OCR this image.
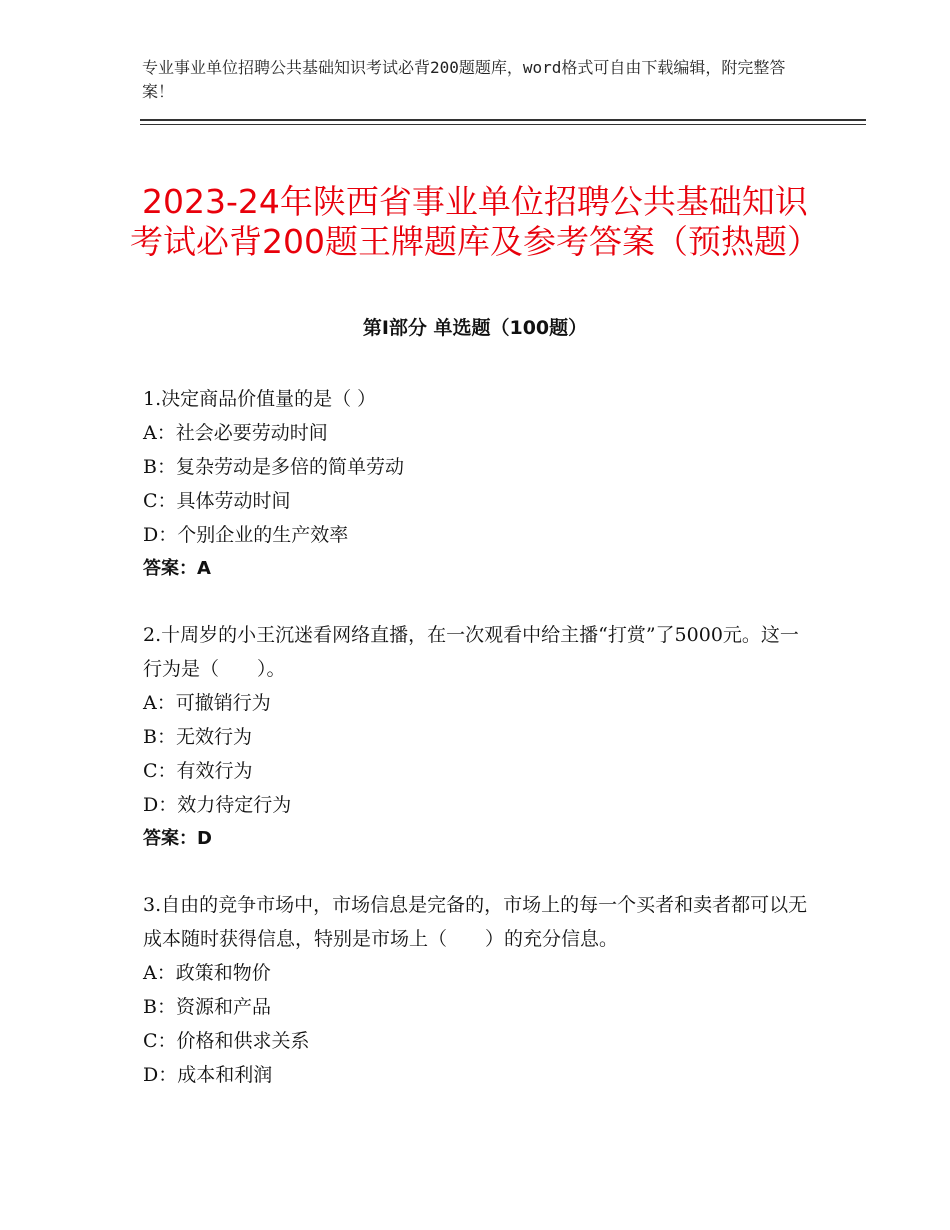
专业事业单位招聘公共基础知识考试必背200题题库，word格式可自由下载编辑，附完整答案！
2023-24年陕西省事业单位招聘公共基础知识考试必背200题王牌题库及参考答案（预热题）
第Ⅰ部分 单选题（100题）

1.决定商品价值量的是（ ）

A：社会必要劳动时间

B：复杂劳动是多倍的简单劳动

C：具体劳动时间

D：个别企业的生产效率

答案：A

2.十周岁的小王沉迷看网络直播，在一次观看中给主播“打赏”了5000元。这一行为是（　　）。

A：可撤销行为

B：无效行为

C：有效行为

D：效力待定行为

答案：D

3.自由的竞争市场中，市场信息是完备的，市场上的每一个买者和卖者都可以无成本随时获得信息，特别是市场上（　　）的充分信息。

A：政策和物价

B：资源和产品

C：价格和供求关系

D：成本和利润
